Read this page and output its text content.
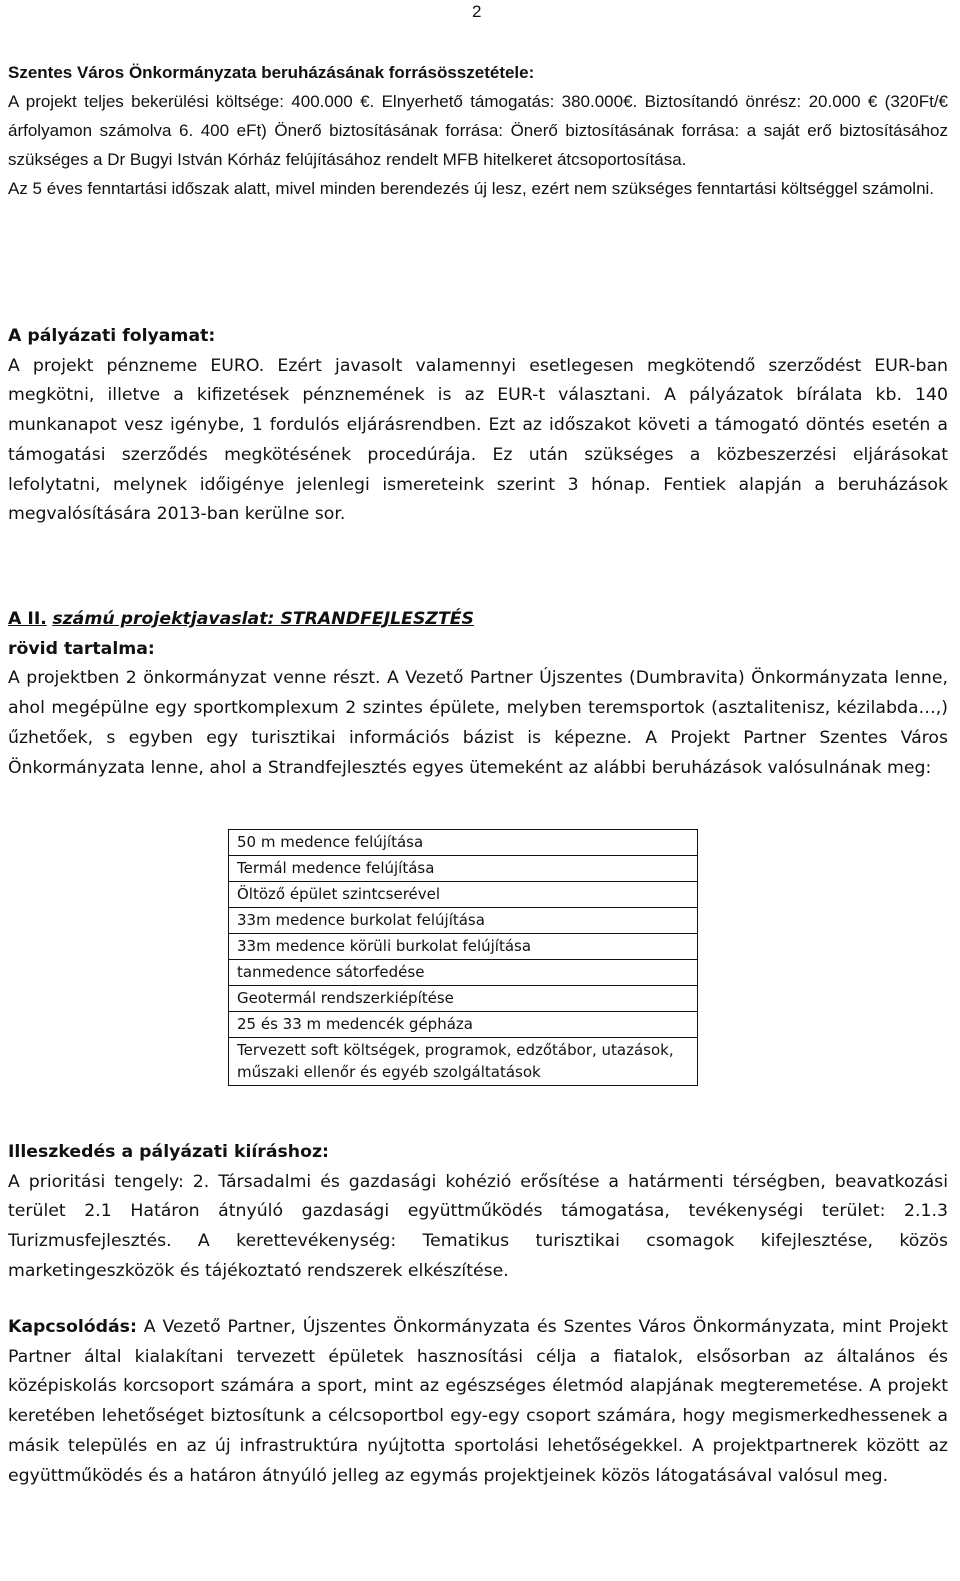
2

Szentes Város Önkormányzata beruházásának forrásösszetétele:

A projekt teljes bekerülési költsége: 400.000 €. Elnyerhető támogatás: 380.000€. Biztosítandó önrész: 20.000 € (320Ft/€ árfolyamon számolva 6. 400 eFt) Önerő biztosításának forrása: Önerő biztosításának forrása: a saját erő biztosításához szükséges a Dr Bugyi István Kórház felújításához rendelt MFB hitelkeret átcsoportosítása.

Az 5 éves fenntartási időszak alatt, mivel minden berendezés új lesz, ezért nem szükséges fenntartási költséggel számolni.

A pályázati folyamat:

A projekt pénzneme EURO. Ezért javasolt valamennyi esetlegesen megkötendő szerződést EUR-ban megkötni, illetve a kifizetések pénznemének is az EUR-t választani. A pályázatok bírálata kb. 140 munkanapot vesz igénybe, 1 fordulós eljárásrendben. Ezt az időszakot követi a támogató döntés esetén a támogatási szerződés megkötésének procedúrája. Ez után szükséges a közbeszerzési eljárásokat lefolytatni, melynek időigénye jelenlegi ismereteink szerint 3 hónap. Fentiek alapján a beruházások megvalósítására 2013-ban kerülne sor.

A II. számú projektjavaslat: STRANDFEJLESZTÉS

rövid tartalma:

A projektben 2 önkormányzat venne részt. A Vezető Partner Újszentes (Dumbravita) Önkormányzata lenne, ahol megépülne egy sportkomplexum 2 szintes épülete, melyben teremsportok (asztalitenisz, kézilabda…,) űzhetőek, s egyben egy turisztikai információs bázist is képezne. A Projekt Partner Szentes Város Önkormányzata lenne, ahol a Strandfejlesztés egyes ütemeként az alábbi beruházások valósulnának meg:

50 m medence felújítása
Termál medence felújítása
Öltöző épület szintcserével
33m medence burkolat felújítása
33m medence körüli burkolat felújítása
tanmedence sátorfedése
Geotermál rendszerkiépítése
25 és 33 m medencék gépháza
Tervezett soft költségek, programok, edzőtábor, utazások, műszaki ellenőr és egyéb szolgáltatások

Illeszkedés a pályázati kiíráshoz:

A prioritási tengely: 2. Társadalmi és gazdasági kohézió erősítése a határmenti térségben, beavatkozási terület 2.1 Határon átnyúló gazdasági együttműködés támogatása, tevékenységi terület: 2.1.3 Turizmusfejlesztés. A kerettevékenység: Tematikus turisztikai csomagok kifejlesztése, közös marketingeszközök és tájékoztató rendszerek elkészítése.

Kapcsolódás: A Vezető Partner, Újszentes Önkormányzata és Szentes Város Önkormányzata, mint Projekt Partner által kialakítani tervezett épületek hasznosítási célja a fiatalok, elsősorban az általános és középiskolás korcsoport számára a sport, mint az egészséges életmód alapjának megteremetése. A projekt keretében lehetőséget biztosítunk a célcsoportbol egy-egy csoport számára, hogy megismerkedhessenek a másik település en az új infrastruktúra nyújtotta sportolási lehetőségekkel. A projektpartnerek között az együttműködés és a határon átnyúló jelleg az egymás projektjeinek közös látogatásával valósul meg.
